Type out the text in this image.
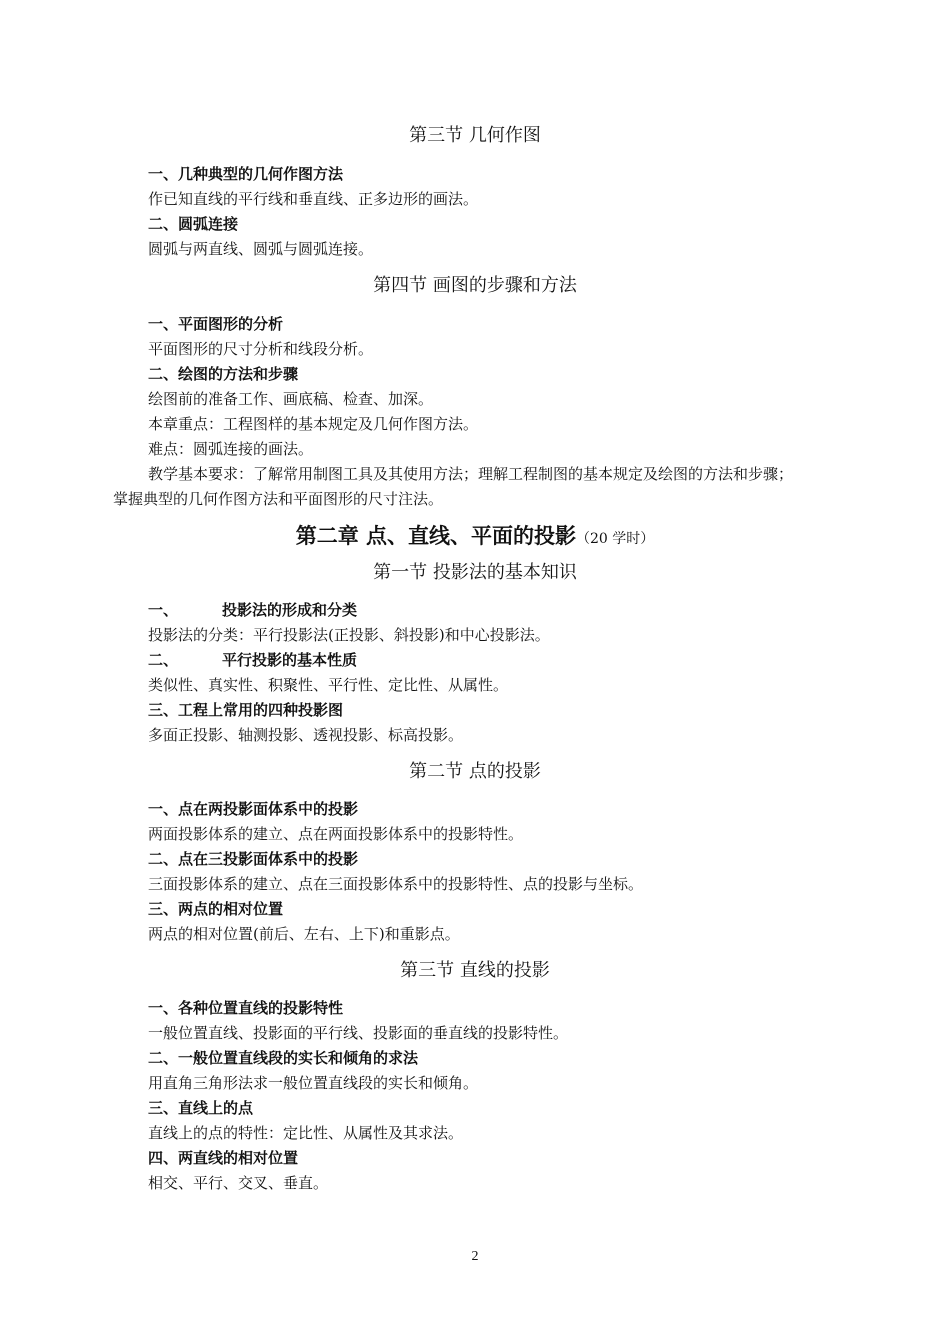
第三节 几何作图
一、几种典型的几何作图方法
作已知直线的平行线和垂直线、正多边形的画法。
二、圆弧连接
圆弧与两直线、圆弧与圆弧连接。
第四节 画图的步骤和方法
一、平面图形的分析
平面图形的尺寸分析和线段分析。
二、绘图的方法和步骤
绘图前的准备工作、画底稿、检查、加深。
本章重点：工程图样的基本规定及几何作图方法。
难点：圆弧连接的画法。
教学基本要求：了解常用制图工具及其使用方法；理解工程制图的基本规定及绘图的方法和步骤；
掌握典型的几何作图方法和平面图形的尺寸注法。
第二章 点、直线、平面的投影（20 学时）
第一节 投影法的基本知识
一、	投影法的形成和分类
投影法的分类：平行投影法(正投影、斜投影)和中心投影法。
二、	平行投影的基本性质
类似性、真实性、积聚性、平行性、定比性、从属性。
三、工程上常用的四种投影图
多面正投影、轴测投影、透视投影、标高投影。
第二节 点的投影
一、点在两投影面体系中的投影
两面投影体系的建立、点在两面投影体系中的投影特性。
二、点在三投影面体系中的投影
三面投影体系的建立、点在三面投影体系中的投影特性、点的投影与坐标。
三、两点的相对位置
两点的相对位置(前后、左右、上下)和重影点。
第三节 直线的投影
一、各种位置直线的投影特性
一般位置直线、投影面的平行线、投影面的垂直线的投影特性。
二、一般位置直线段的实长和倾角的求法
用直角三角形法求一般位置直线段的实长和倾角。
三、直线上的点
直线上的点的特性：定比性、从属性及其求法。
四、两直线的相对位置
相交、平行、交叉、垂直。
2
